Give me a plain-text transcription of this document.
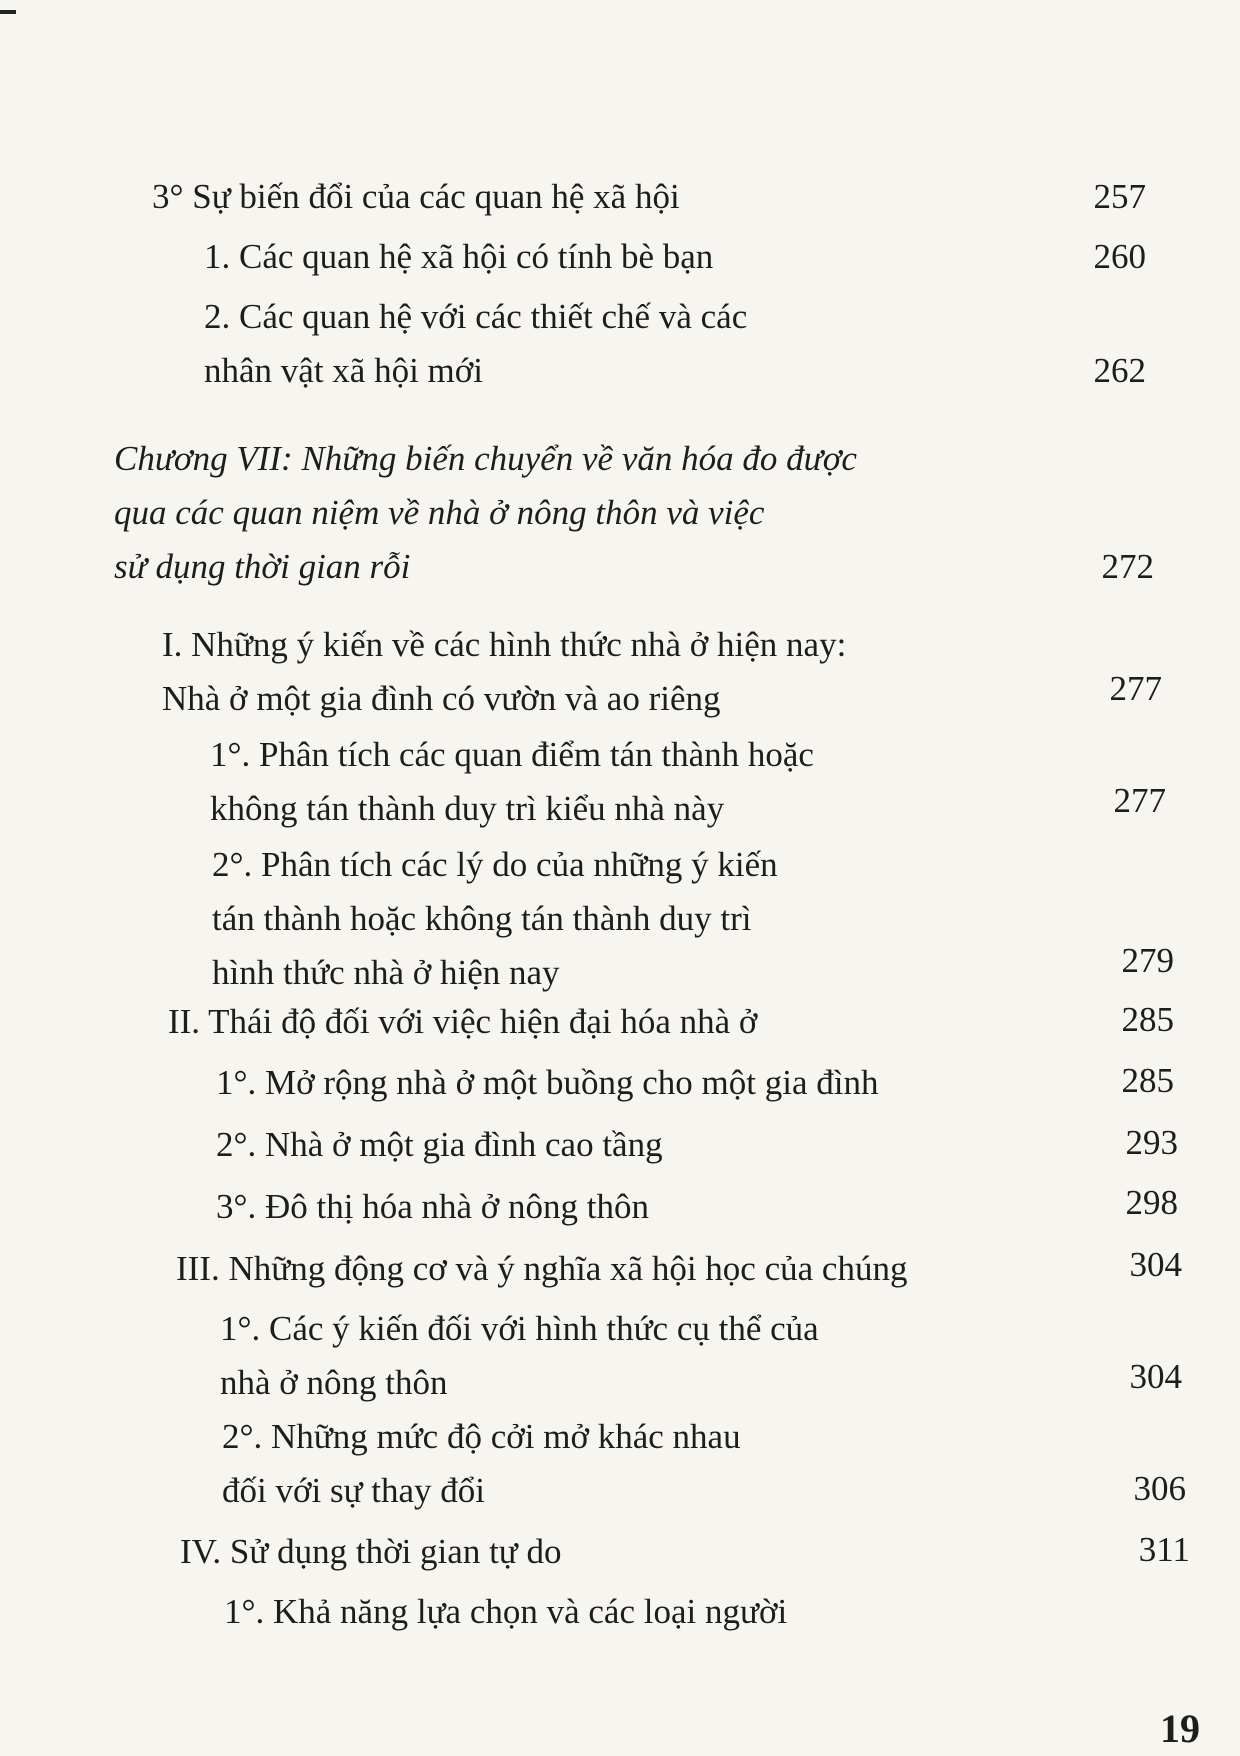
3° Sự biến đổi của các quan hệ xã hội	257
1. Các quan hệ xã hội có tính bè bạn	260
2. Các quan hệ với các thiết chế và các
nhân vật xã hội mới	262
Chương VII: Những biến chuyển về văn hóa đo được
qua các quan niệm về nhà ở nông thôn và việc
sử dụng thời gian rỗi	272
I. Những ý kiến về các hình thức nhà ở hiện nay:
Nhà ở một gia đình có vườn và ao riêng	277
1°. Phân tích các quan điểm tán thành hoặc
không tán thành duy trì kiểu nhà này	277
2°. Phân tích các lý do của những ý kiến
tán thành hoặc không tán thành duy trì
hình thức nhà ở hiện nay	279
II. Thái độ đối với việc hiện đại hóa nhà ở	285
1°. Mở rộng nhà ở một buồng cho một gia đình	285
2°. Nhà ở một gia đình cao tầng	293
3°. Đô thị hóa nhà ở nông thôn	298
III. Những động cơ và ý nghĩa xã hội học của chúng	304
1°. Các ý kiến đối với hình thức cụ thể của
nhà ở nông thôn	304
2°. Những mức độ cởi mở khác nhau
đối với sự thay đổi	306
IV. Sử dụng thời gian tự do	311
1°. Khả năng lựa chọn và các loại người
19
